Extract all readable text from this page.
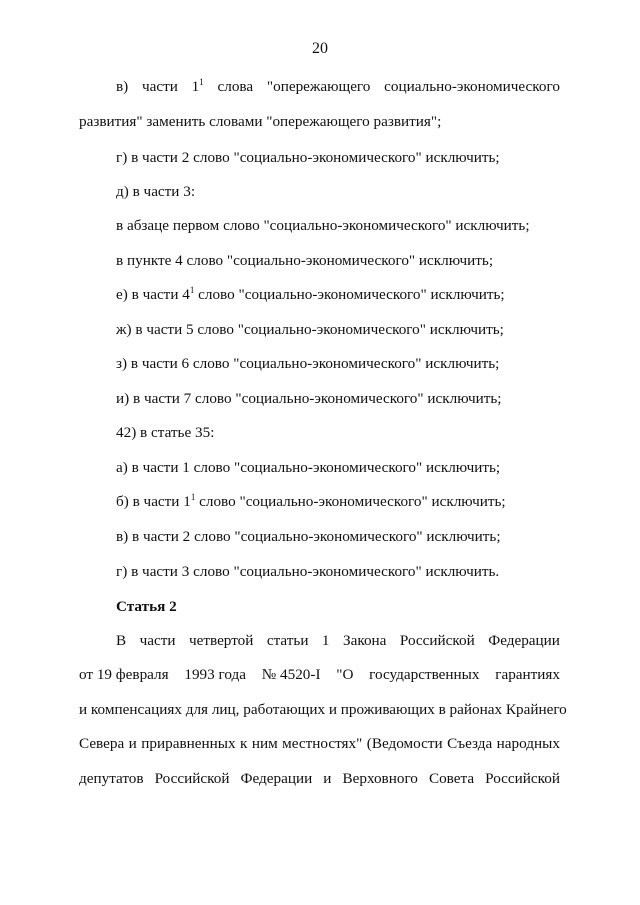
20
в) части $1^1$ слова "опережающего социально-экономического
развития" заменить словами "опережающего развития";
г) в части 2 слово "социально-экономического" исключить;
д) в части 3:
в абзаце первом слово "социально-экономического" исключить;
в пункте 4 слово "социально-экономического" исключить;
е) в части $4^1$ слово "социально-экономического" исключить;
ж) в части 5 слово "социально-экономического" исключить;
з) в части 6 слово "социально-экономического" исключить;
и) в части 7 слово "социально-экономического" исключить;
42) в статье 35:
а) в части 1 слово "социально-экономического" исключить;
б) в части $1^1$ слово "социально-экономического" исключить;
в) в части 2 слово "социально-экономического" исключить;
г) в части 3 слово "социально-экономического" исключить.
Статья 2
В части четвертой статьи 1 Закона Российской Федерации
от 19 февраля 1993 года № 4520-I "О государственных гарантиях
и компенсациях для лиц, работающих и проживающих в районах Крайнего
Севера и приравненных к ним местностях" (Ведомости Съезда народных
депутатов Российской Федерации и Верховного Совета Российской
